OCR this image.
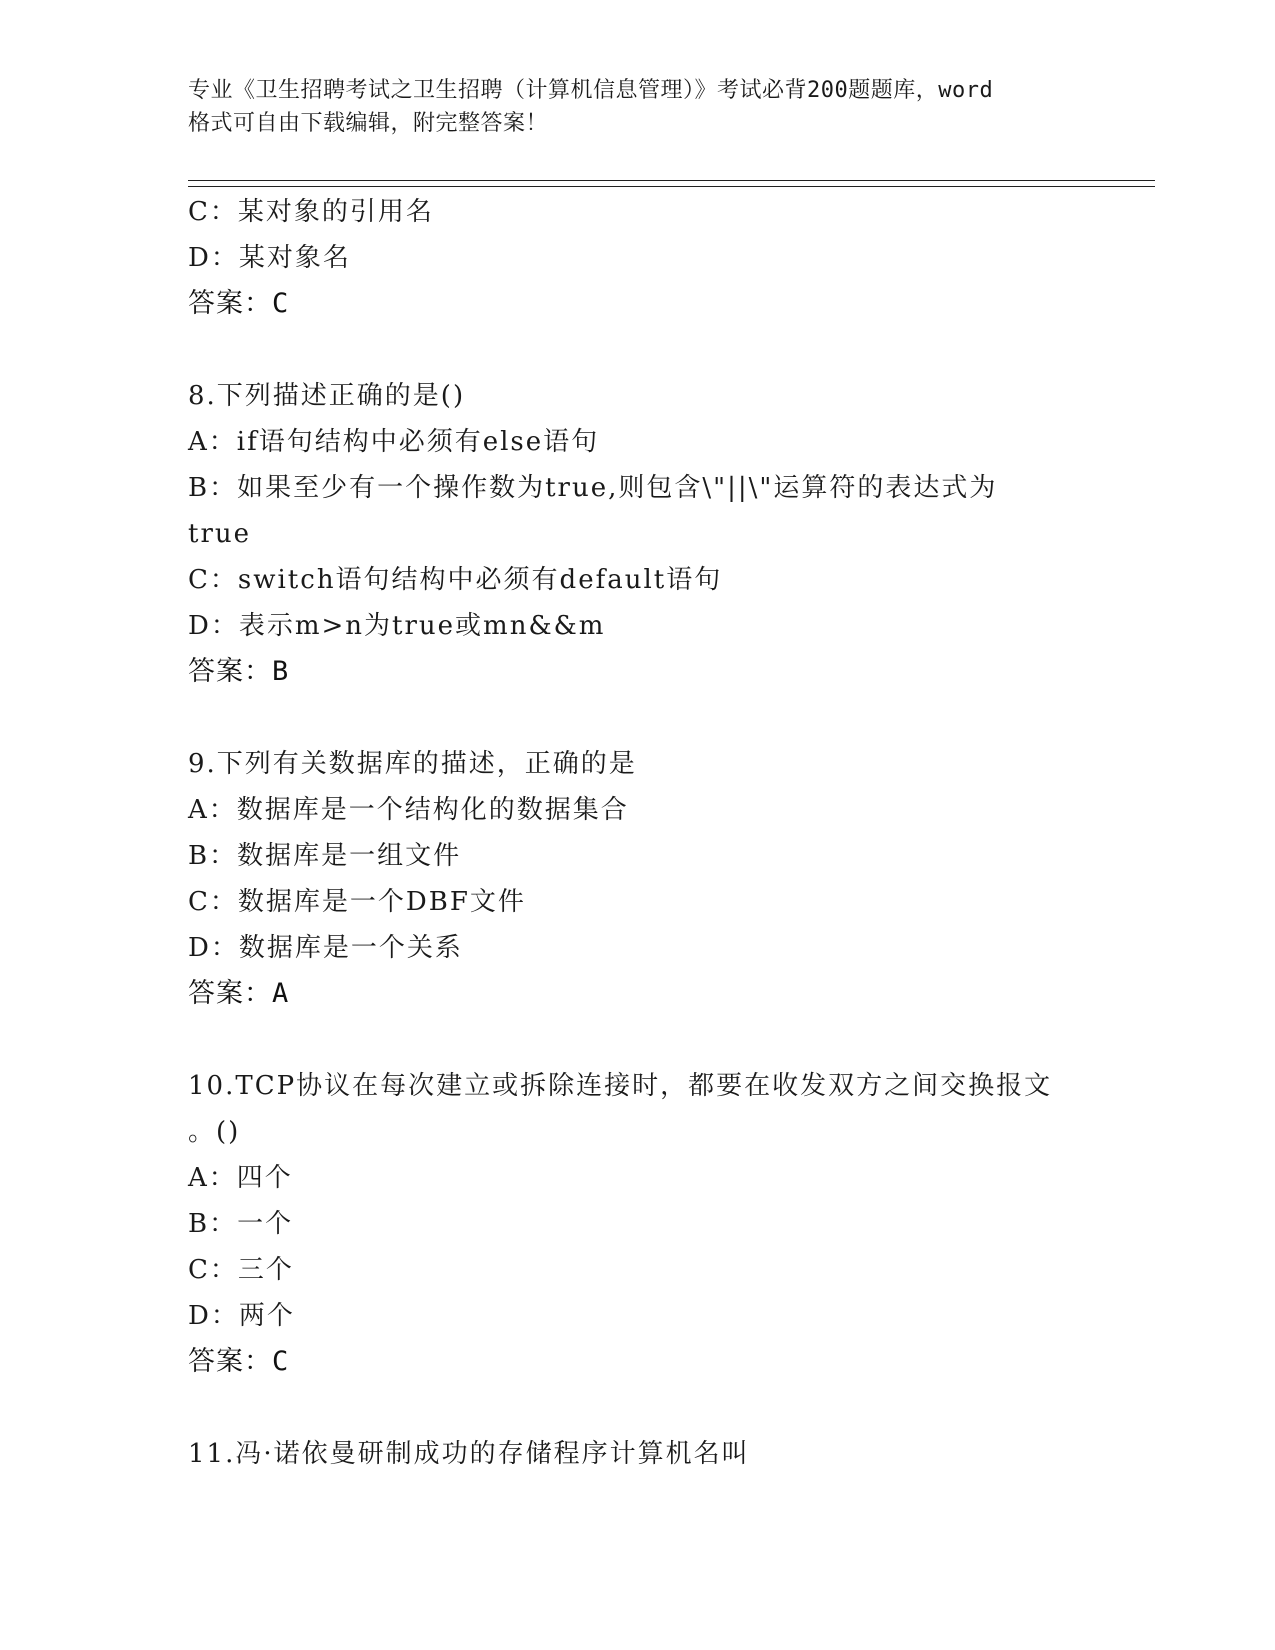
专业《卫生招聘考试之卫生招聘（计算机信息管理）》考试必背200题题库，word
格式可自由下载编辑，附完整答案！
C：某对象的引用名
D：某对象名
答案：C
8.下列描述正确的是()
A：if语句结构中必须有else语句
B：如果至少有一个操作数为true,则包含\"||\"运算符的表达式为
true
C：switch语句结构中必须有default语句
D：表示m>n为true或mn&&m
答案：B
9.下列有关数据库的描述，正确的是
A：数据库是一个结构化的数据集合
B：数据库是一组文件
C：数据库是一个DBF文件
D：数据库是一个关系
答案：A
10.TCP协议在每次建立或拆除连接时，都要在收发双方之间交换报文
。()
A：四个
B：一个
C：三个
D：两个
答案：C
11.冯·诺依曼研制成功的存储程序计算机名叫
